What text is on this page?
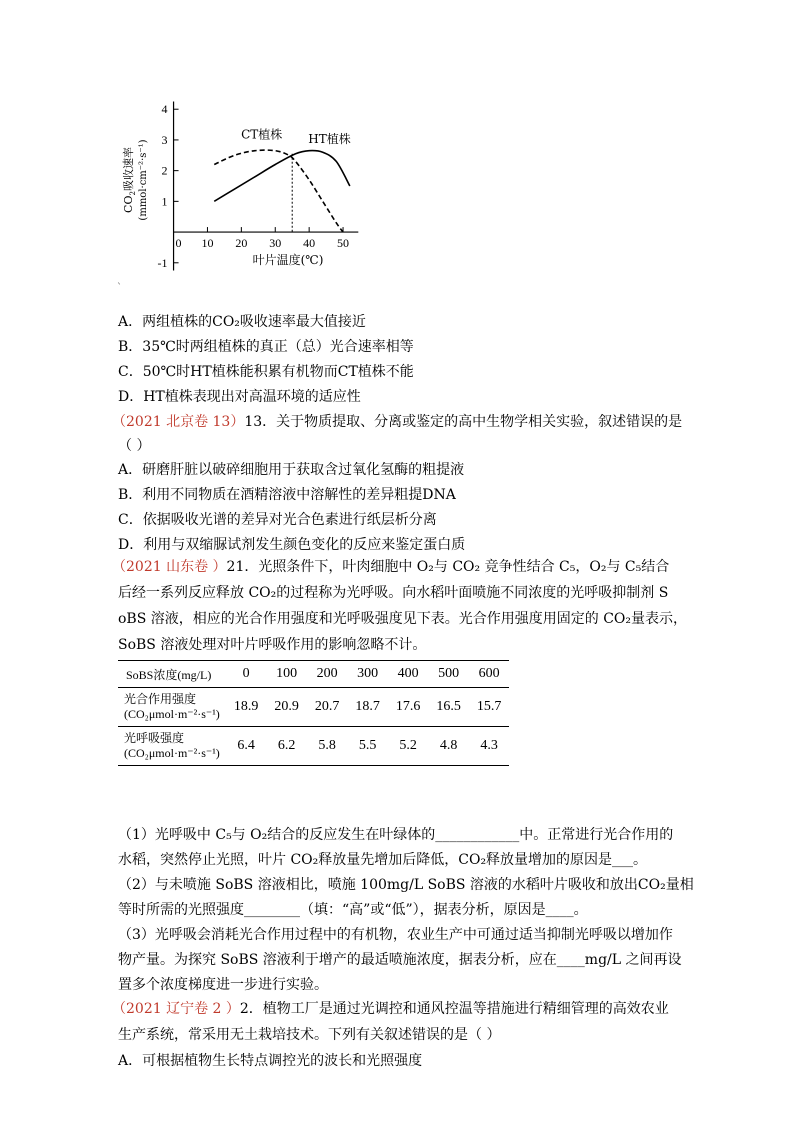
4
3
2
1
-1
0 10 20 30 40 50
CT植株 HT植株
$CO_2$吸收速率 (mmol·cm⁻²·s⁻¹)
叶片温度(℃)
`
A．两组植株的CO₂吸收速率最大值接近
B．35℃时两组植株的真正（总）光合速率相等
C．50℃时HT植株能积累有机物而CT植株不能
D．HT植株表现出对高温环境的适应性
（2021 北京卷 13）13．关于物质提取、分离或鉴定的高中生物学相关实验，叙述错误的是
（ ）
A．研磨肝脏以破碎细胞用于获取含过氧化氢酶的粗提液
B．利用不同物质在酒精溶液中溶解性的差异粗提DNA
C．依据吸收光谱的差异对光合色素进行纸层析分离
D．利用与双缩脲试剂发生颜色变化的反应来鉴定蛋白质
（2021 山东卷 ）21．光照条件下，叶肉细胞中 O₂与 CO₂ 竞争性结合 C₅，O₂与 C₅结合
后经一系列反应释放 CO₂的过程称为光呼吸。向水稻叶面喷施不同浓度的光呼吸抑制剂 S
oBS 溶液，相应的光合作用强度和光呼吸强度见下表。光合作用强度用固定的 CO₂量表示，
SoBS 溶液处理对叶片呼吸作用的影响忽略不计。
SoBS浓度(mg/L)	0	100	200	300	400	500	600
光合作用强度
(CO₂μmol·m⁻²·s⁻¹)	18.9	20.9	20.7	18.7	17.6	16.5	15.7
光呼吸强度
(CO₂μmol·m⁻²·s⁻¹)	6.4	6.2	5.8	5.5	5.2	4.8	4.3
（1）光呼吸中 C₅与 O₂结合的反应发生在叶绿体的____________中。正常进行光合作用的
水稻，突然停止光照，叶片 CO₂释放量先增加后降低，CO₂释放量增加的原因是___。
（2）与未喷施 SoBS 溶液相比，喷施 100mg/L SoBS 溶液的水稻叶片吸收和放出CO₂量相
等时所需的光照强度________（填：“高”或“低”），据表分析，原因是____。
（3）光呼吸会消耗光合作用过程中的有机物，农业生产中可通过适当抑制光呼吸以增加作
物产量。为探究 SoBS 溶液利于增产的最适喷施浓度，据表分析，应在____mg/L 之间再设
置多个浓度梯度进一步进行实验。
（2021 辽宁卷 2 ）2．植物工厂是通过光调控和通风控温等措施进行精细管理的高效农业
生产系统，常采用无土栽培技术。下列有关叙述错误的是（ ）
A．可根据植物生长特点调控光的波长和光照强度
